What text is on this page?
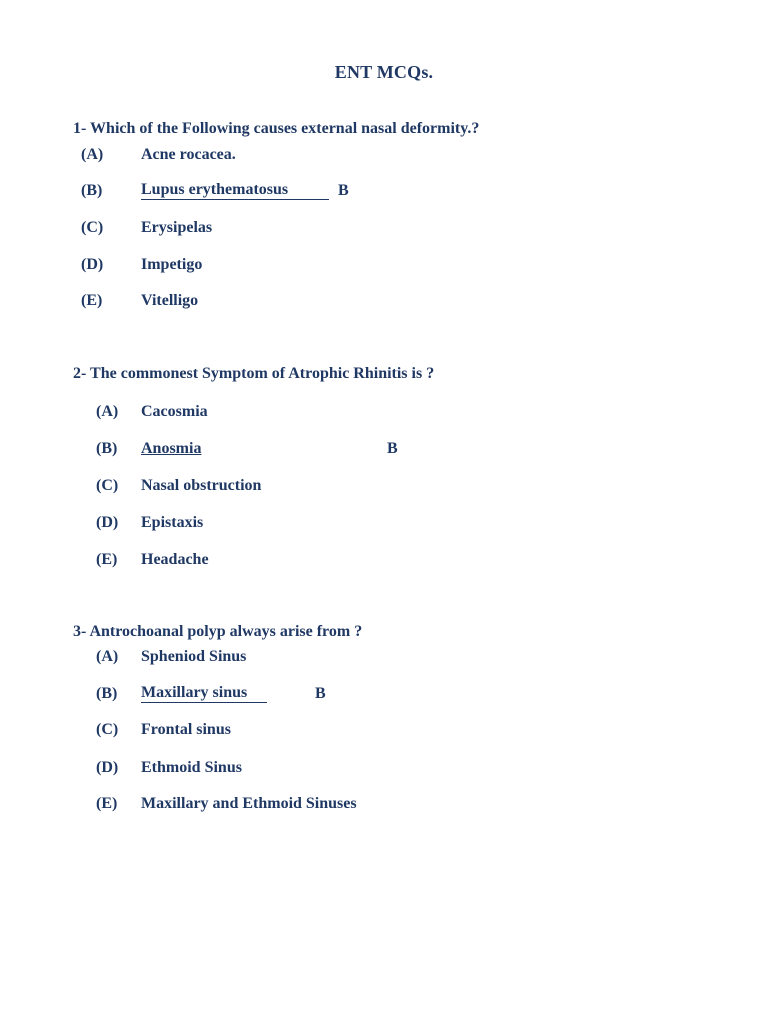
ENT MCQs.
1- Which of the Following causes external nasal deformity.?
(A) Acne rocacea.
(B) Lupus erythematosus	B
(C) Erysipelas
(D) Impetigo
(E) Vitelligo
2- The commonest Symptom of Atrophic Rhinitis is ?
(A) Cacosmia
(B) Anosmia	B
(C) Nasal obstruction
(D) Epistaxis
(E) Headache
3- Antrochoanal polyp always arise from ?
(A) Spheniod Sinus
(B) Maxillary sinus	B
(C) Frontal sinus
(D) Ethmoid Sinus
(E) Maxillary and Ethmoid Sinuses
